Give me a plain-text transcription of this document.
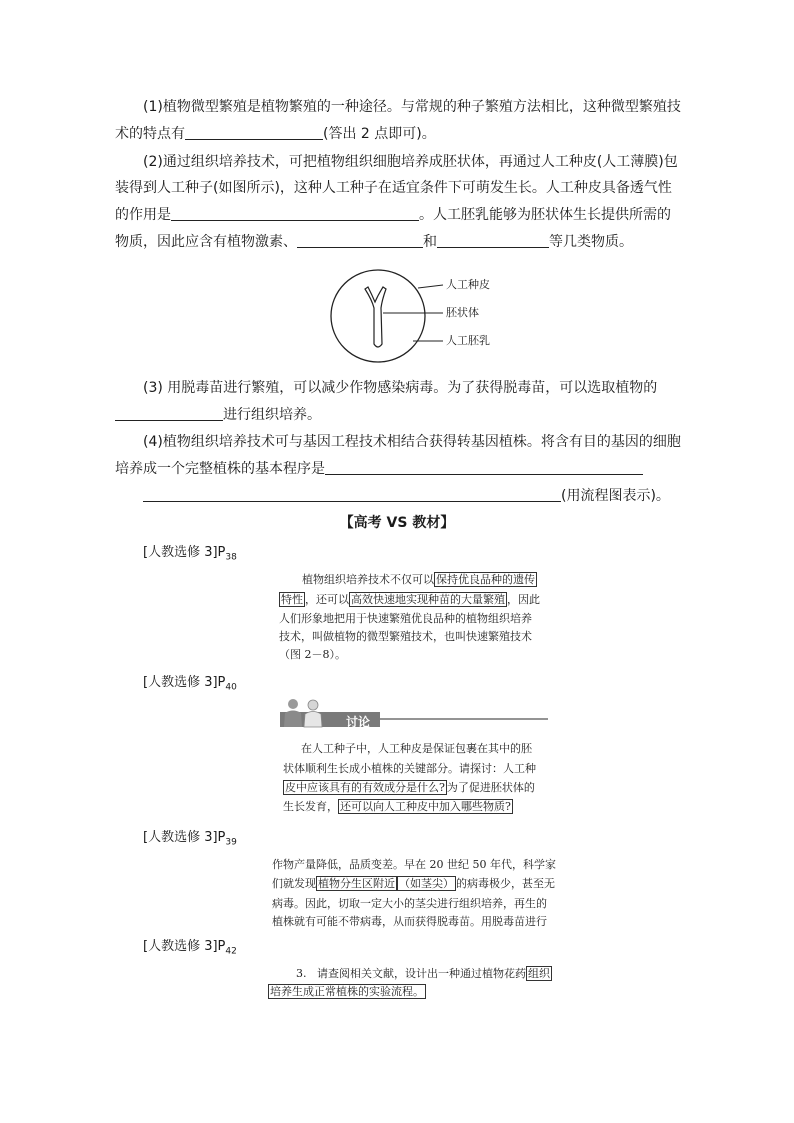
(1)植物微型繁殖是植物繁殖的一种途径。与常规的种子繁殖方法相比，这种微型繁殖技
术的特点有	(答出 2 点即可)。
(2)通过组织培养技术，可把植物组织细胞培养成胚状体，再通过人工种皮(人工薄膜)包
装得到人工种子(如图所示)，这种人工种子在适宜条件下可萌发生长。人工种皮具备透气性
的作用是	。人工胚乳能够为胚状体生长提供所需的
物质，因此应含有植物激素、	和	等几类物质。
人工种皮
胚状体
人工胚乳
(3) 用脱毒苗进行繁殖，可以减少作物感染病毒。为了获得脱毒苗，可以选取植物的
进行组织培养。
(4)植物组织培养技术可与基因工程技术相结合获得转基因植株。将含有目的基因的细胞
培养成一个完整植株的基本程序是
(用流程图表示)。
【高考 VS 教材】
[人教选修 $3]P_{38}$
植物组织培养技术不仅可以 保持优良品种的遗传
特性 ，还可以 高效快速地实现种苗的大量繁殖 ，因此
人们形象地把用于快速繁殖优良品种的植物组织培养
技术，叫做植物的微型繁殖技术，也叫快速繁殖技术
（图 2－8）。
[人教选修 $3]P_{40}$
讨论
在人工种子中，人工种皮是保证包裹在其中的胚
状体顺利生长成小植株的关键部分。请探讨：人工种
皮中应该具有的有效成分是什么? 为了促进胚状体的
生长发育， 还可以向人工种皮中加入哪些物质?
[人教选修 $3]P_{39}$
作物产量降低，品质变差。早在 20 世纪 50 年代，科学家
们就发现 植物分生区附近 （如茎尖） 的病毒极少，甚至无
病毒。因此，切取一定大小的茎尖进行组织培养，再生的
植株就有可能不带病毒，从而获得脱毒苗。用脱毒苗进行
[人教选修 $3]P_{42}$
3. 请查阅相关文献，设计出一种通过植物花药 组织
培养生成正常植株的实验流程。
